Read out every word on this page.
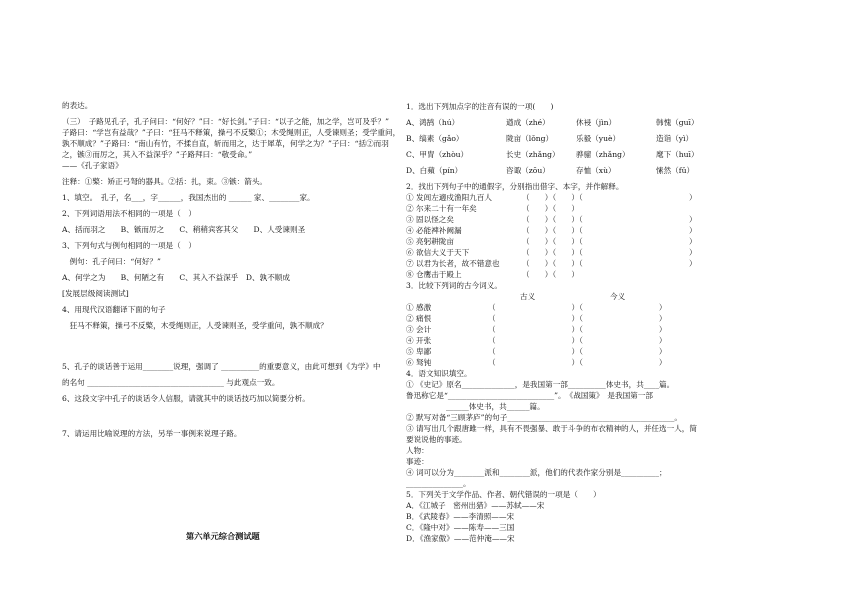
的表达。
（三）　子路见孔子，孔子问曰：“何好？”曰：“好长剑。”子曰：“以子之能，加之学，岂可及乎？”
子路曰：“学岂有益哉？”子曰：“狂马不释策，操弓不反檠①；木受绳则正，人受谏则圣；受学重问，
孰不顺成？”子路曰：“南山有竹，不揉自直，斩而用之，达于犀革，何学之为？”子曰：“括②而羽
之，镞③而厉之，其入不益深乎？”子路拜曰：“敬受命。”
——《孔子家语》
注释：①檠：矫正弓弩的器具。②括：扎，束。③镞：箭头。
1、填空。　孔子，名___，字______，我国杰出的 ______ 家、________家。
2、下列词语用法不相同的一项是（　）
A、括而羽之　　B、镞而厉之　　C、稍稍宾客其父　　D、人受谏则圣
3、下列句式与例句相同的一项是（　）
　例句：孔子问曰：“何好？”
A、何学之为　　B、何陋之有　　C、其入不益深乎　D、孰不顺成
[发展层级阅读测试]
4、用现代汉语翻译下面的句子
　狂马不释策，操弓不反檠，木受绳则正，人受谏则圣，受学重问，孰不顺成？
5、孔子的谈话善于运用________说理，强调了 __________的重要意义，由此可想到《为学》中
的名句 ____________________________________ 与此观点一致。
6、这段文字中孔子的谈话令人信服，请就其中的谈话技巧加以简要分析。
7、请运用比喻说理的方法，另举一事例来说理子路。
第六单元综合测试题
1．选出下列加点字的注音有误的一项(　　)
A、鸿鹄（hú）	遒成（zhé）	休祲（jìn）	韩愧（guī）
B、缟素（gǎo）	陇亩（lǒng）	乐毅（yuè）	造诣（yì）
C、甲胄（zhòu）	长史（zhǎng） 骅骝（zhǎng）	麾下（huī）
D、白蘋（pín）	咨诹（zōu）	存恤（xù）	愫然（fǔ）
2．找出下列句子中的通假字，分别指出借字、本字，并作解释。
① 发闾左適戍渔阳九百人	（　　）（　　）（　　　　　　　　　　　　　　）
② 尔来二十有一年矣	（　　）（　　）
③ 固以怪之矣	（　　）（　　）（　　　　　　　　　　　　　　）
④ 必能裨补阙漏	（　　）（　　）（　　　　　　　　　　　　　　）
⑤ 亮躬耕陇亩	（　　）（　　）（　　　　　　　　　　　　　　）
⑥ 欲信大义于天下	（　　）（　　）（　　　　　　　　　　　　　　）
⑦ 以君为长者，故不错意也	（　　）（　　）（　　　　　　　　　　　　　　）
⑧ 仓鹰击于殿上	（　　）（　　）
3．比较下列词的古今词义。
古义	今义
① 感激	（　　　　　　　　　　）（　　　　　　　　　　）
② 痛恨	（　　　　　　　　　　）（　　　　　　　　　　）
③ 会计	（　　　　　　　　　　）（　　　　　　　　　　）
④ 开张	（　　　　　　　　　　）（　　　　　　　　　　）
⑤ 卑鄙	（　　　　　　　　　　）（　　　　　　　　　　）
⑥ 驽钝	（　　　　　　　　　　）（　　　　　　　　　　）
4．语文知识填空。
① 《史记》原名______________，是我国第一部__________体史书，共____篇。
鲁迅称它是“____________________________”。　《战国策》　是我国第一部
______体史书，共______篇。
② 默写对备“三顾茅庐”的句子____________________________________________。
③ 请写出几个跟唐雎一样，具有不畏强暴、敢于斗争的布衣精神的人，并任选一人，简
要说说他的事迹。
人物：
事迹：
④ 词可以分为________派和________派，他们的代表作家分别是__________；
_______________。
5．下列关于文学作品、作者、朝代错误的一项是（　　）
A．《江城子　密州出猎》——苏轼——宋
B．《武陵春》——李清照——宋
C．《隆中对》——陈寿——三国
D．《渔家傲》——范仲淹——宋
